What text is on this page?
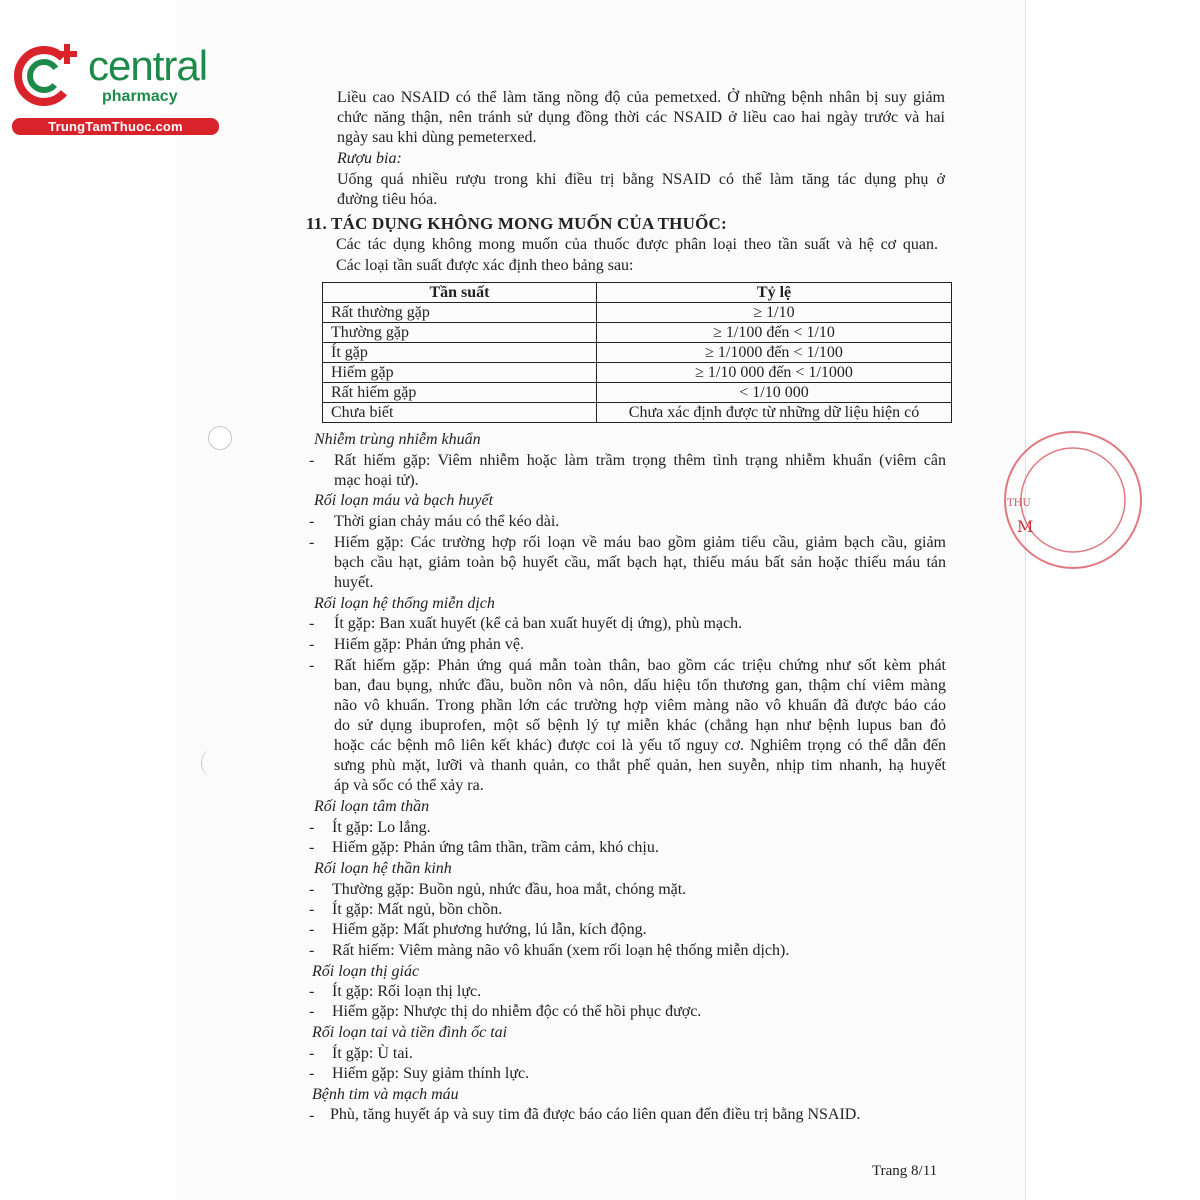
central
pharmacy
TrungTamThuoc.com
THU
M
Liều cao NSAID có thể làm tăng nồng độ của pemetxed. Ở những bệnh nhân bị suy giảm
chức năng thận, nên tránh sử dụng đồng thời các NSAID ở liều cao hai ngày trước và hai
ngày sau khi dùng pemeterxed.
Rượu bia:
Uống quá nhiều rượu trong khi điều trị bằng NSAID có thể làm tăng tác dụng phụ ở
đường tiêu hóa.
11. TÁC DỤNG KHÔNG MONG MUỐN CỦA THUỐC:
Các tác dụng không mong muốn của thuốc được phân loại theo tần suất và hệ cơ quan.
Các loại tần suất được xác định theo bảng sau:
Tần suất	Tỷ lệ
Rất thường gặp	≥ 1/10
Thường gặp	≥ 1/100 đến < 1/10
Ít gặp	≥ 1/1000 đến < 1/100
Hiếm gặp	≥ 1/10 000 đến < 1/1000
Rất hiếm gặp	< 1/10 000
Chưa biết	Chưa xác định được từ những dữ liệu hiện có
Nhiễm trùng nhiễm khuẩn
- Rất hiếm gặp: Viêm nhiễm hoặc làm trầm trọng thêm tình trạng nhiễm khuẩn (viêm cân
mạc hoại tử).
Rối loạn máu và bạch huyết
- Thời gian chảy máu có thể kéo dài.
- Hiếm gặp: Các trường hợp rối loạn về máu bao gồm giảm tiểu cầu, giảm bạch cầu, giảm
bạch cầu hạt, giảm toàn bộ huyết cầu, mất bạch hạt, thiếu máu bất sản hoặc thiếu máu tán
huyết.
Rối loạn hệ thống miễn dịch
- Ít gặp: Ban xuất huyết (kể cả ban xuất huyết dị ứng), phù mạch.
- Hiếm gặp: Phản ứng phản vệ.
- Rất hiếm gặp: Phản ứng quá mẫn toàn thân, bao gồm các triệu chứng như sốt kèm phát
ban, đau bụng, nhức đầu, buồn nôn và nôn, dấu hiệu tổn thương gan, thậm chí viêm màng
não vô khuẩn. Trong phần lớn các trường hợp viêm màng não vô khuẩn đã được báo cáo
do sử dụng ibuprofen, một số bệnh lý tự miễn khác (chẳng hạn như bệnh lupus ban đỏ
hoặc các bệnh mô liên kết khác) được coi là yếu tố nguy cơ. Nghiêm trọng có thể dẫn đến
sưng phù mặt, lưỡi và thanh quản, co thắt phế quản, hen suyễn, nhịp tim nhanh, hạ huyết
áp và sốc có thể xảy ra.
Rối loạn tâm thần
- Ít gặp: Lo lắng.
- Hiếm gặp: Phản ứng tâm thần, trầm cảm, khó chịu.
Rối loạn hệ thần kinh
- Thường gặp: Buồn ngủ, nhức đầu, hoa mắt, chóng mặt.
- Ít gặp: Mất ngủ, bồn chồn.
- Hiếm gặp: Mất phương hướng, lú lẫn, kích động.
- Rất hiếm: Viêm màng não vô khuẩn (xem rối loạn hệ thống miễn dịch).
Rối loạn thị giác
- Ít gặp: Rối loạn thị lực.
- Hiếm gặp: Nhược thị do nhiễm độc có thể hồi phục được.
Rối loạn tai và tiền đình ốc tai
- Ít gặp: Ù tai.
- Hiếm gặp: Suy giảm thính lực.
Bệnh tim và mạch máu
- Phù, tăng huyết áp và suy tim đã được báo cáo liên quan đến điều trị bằng NSAID.
Trang 8/11
